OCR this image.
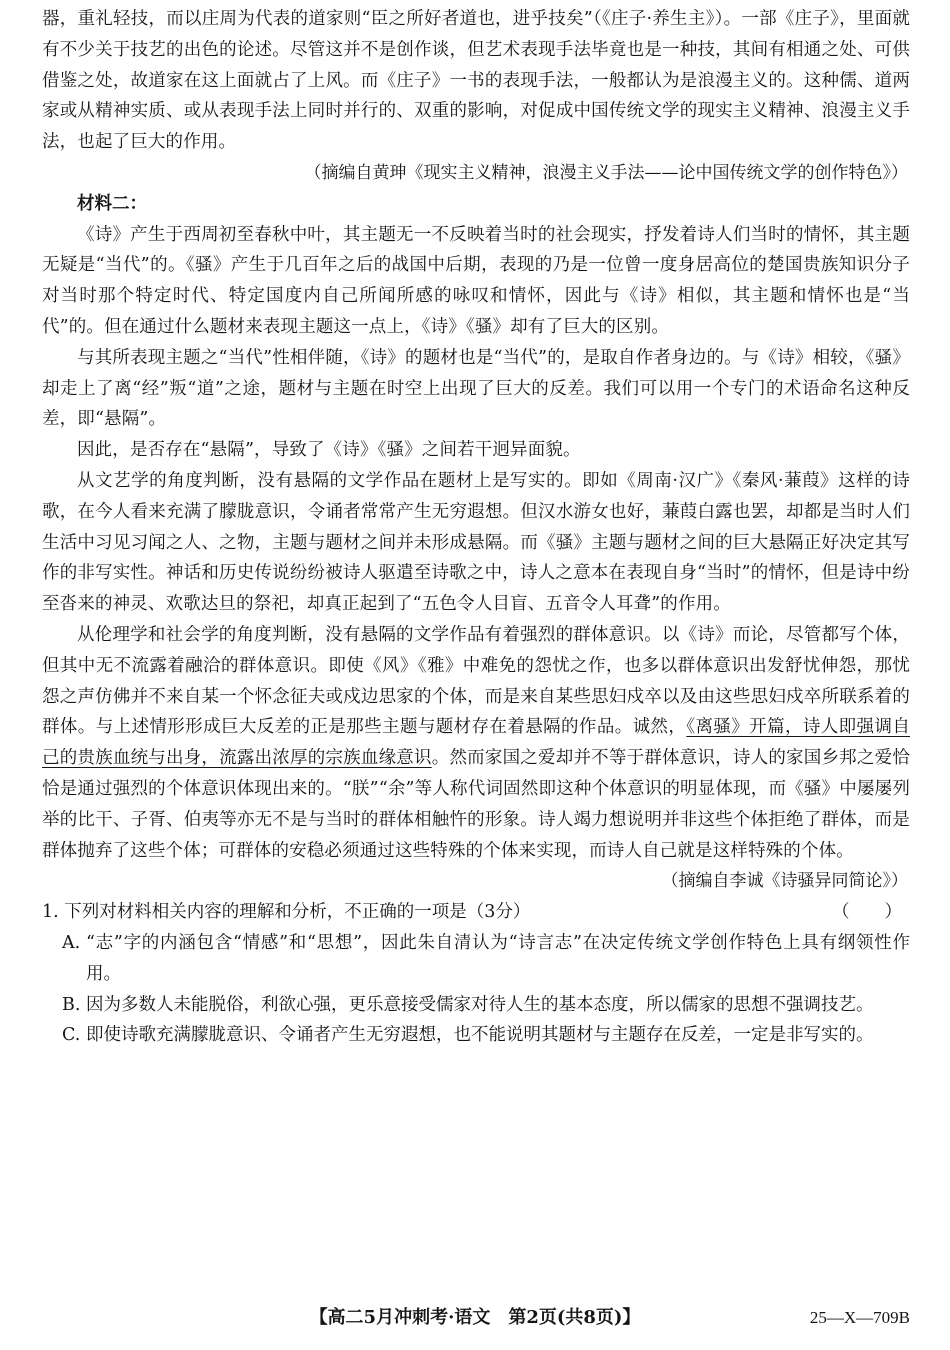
器，重礼轻技，而以庄周为代表的道家则“臣之所好者道也，进乎技矣”（《庄子·养生主》）。一部《庄子》，里面就有不少关于技艺的出色的论述。尽管这并不是创作谈，但艺术表现手法毕竟也是一种技，其间有相通之处、可供借鉴之处，故道家在这上面就占了上风。而《庄子》一书的表现手法，一般都认为是浪漫主义的。这种儒、道两家或从精神实质、或从表现手法上同时并行的、双重的影响，对促成中国传统文学的现实主义精神、浪漫主义手法，也起了巨大的作用。

（摘编自黄珅《现实主义精神，浪漫主义手法——论中国传统文学的创作特色》）
材料二：

《诗》产生于西周初至春秋中叶，其主题无一不反映着当时的社会现实，抒发着诗人们当时的情怀，其主题无疑是“当代”的。《骚》产生于几百年之后的战国中后期，表现的乃是一位曾一度身居高位的楚国贵族知识分子对当时那个特定时代、特定国度内自己所闻所感的咏叹和情怀，因此与《诗》相似，其主题和情怀也是“当代”的。但在通过什么题材来表现主题这一点上，《诗》《骚》却有了巨大的区别。

与其所表现主题之“当代”性相伴随，《诗》的题材也是“当代”的，是取自作者身边的。与《诗》相较，《骚》却走上了离“经”叛“道”之途，题材与主题在时空上出现了巨大的反差。我们可以用一个专门的术语命名这种反差，即“悬隔”。

因此，是否存在“悬隔”，导致了《诗》《骚》之间若干迥异面貌。

从文艺学的角度判断，没有悬隔的文学作品在题材上是写实的。即如《周南·汉广》《秦风·蒹葭》这样的诗歌，在今人看来充满了朦胧意识，令诵者常常产生无穷遐想。但汉水游女也好，蒹葭白露也罢，却都是当时人们生活中习见习闻之人、之物，主题与题材之间并未形成悬隔。而《骚》主题与题材之间的巨大悬隔正好决定其写作的非写实性。神话和历史传说纷纷被诗人驱遣至诗歌之中，诗人之意本在表现自身“当时”的情怀，但是诗中纷至沓来的神灵、欢歌达旦的祭祀，却真正起到了“五色令人目盲、五音令人耳聋”的作用。

从伦理学和社会学的角度判断，没有悬隔的文学作品有着强烈的群体意识。以《诗》而论，尽管都写个体，但其中无不流露着融洽的群体意识。即使《风》《雅》中难免的怨忧之作，也多以群体意识出发舒忧伸怨，那忧怨之声仿佛并不来自某一个怀念征夫或戍边思家的个体，而是来自某些思妇戍卒以及由这些思妇戍卒所联系着的群体。与上述情形形成巨大反差的正是那些主题与题材存在着悬隔的作品。诚然，《离骚》开篇，诗人即强调自己的贵族血统与出身，流露出浓厚的宗族血缘意识。然而家国之爱却并不等于群体意识，诗人的家国乡邦之爱恰恰是通过强烈的个体意识体现出来的。“朕”“余”等人称代词固然即这种个体意识的明显体现，而《骚》中屡屡列举的比干、子胥、伯夷等亦无不是与当时的群体相触忤的形象。诗人竭力想说明并非这些个体拒绝了群体，而是群体抛弃了这些个体；可群体的安稳必须通过这些特殊的个体来实现，而诗人自己就是这样特殊的个体。

（摘编自李诚《诗骚异同简论》）
1. 下列对材料相关内容的理解和分析，不正确的一项是（3分）	（　　）
A. “志”字的内涵包含“情感”和“思想”，因此朱自清认为“诗言志”在决定传统文学创作特色上具有纲领性作用。
B. 因为多数人未能脱俗，利欲心强，更乐意接受儒家对待人生的基本态度，所以儒家的思想不强调技艺。
C. 即使诗歌充满朦胧意识、令诵者产生无穷遐想，也不能说明其题材与主题存在反差，一定是非写实的。
【高二5月冲刺考·语文　第2页(共8页)】	25—X—709B
